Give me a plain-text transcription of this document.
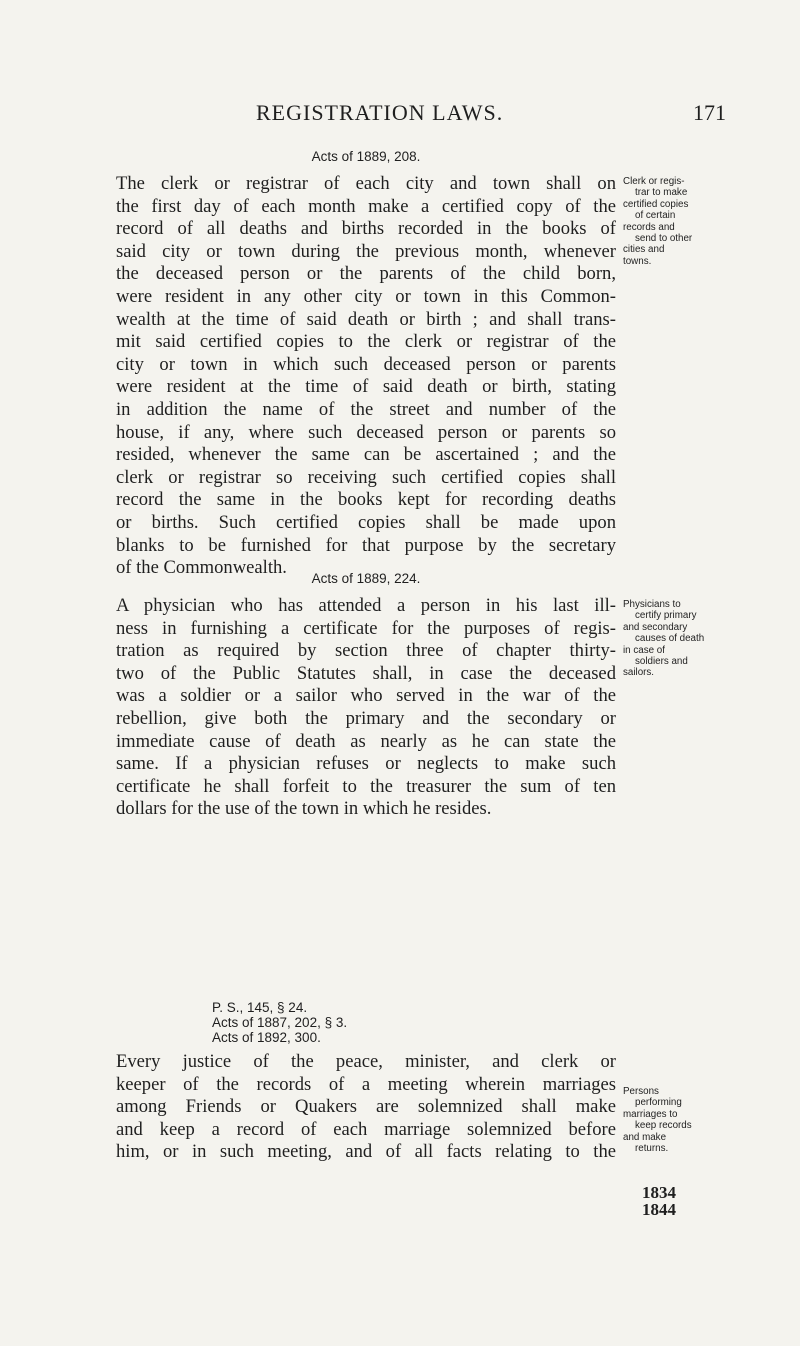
REGISTRATION LAWS.	171
Acts of 1889, 208.
The clerk or registrar of each city and town shall on
the first day of each month make a certified copy of the
record of all deaths and births recorded in the books of
said city or town during the previous month, whenever
the deceased person or the parents of the child born,
were resident in any other city or town in this Common-
wealth at the time of said death or birth ; and shall trans-
mit said certified copies to the clerk or registrar of the
city or town in which such deceased person or parents
were resident at the time of said death or birth, stating
in addition the name of the street and number of the
house, if any, where such deceased person or parents so
resided, whenever the same can be ascertained ; and the
clerk or registrar so receiving such certified copies shall
record the same in the books kept for recording deaths
or births. Such certified copies shall be made upon
blanks to be furnished for that purpose by the secretary
of the Commonwealth.
Clerk or regis-
trar to make
certified copies
of certain
records and
send to other
cities and
towns.
Acts of 1889, 224.
A physician who has attended a person in his last ill-
ness in furnishing a certificate for the purposes of regis-
tration as required by section three of chapter thirty-
two of the Public Statutes shall, in case the deceased
was a soldier or a sailor who served in the war of the
rebellion, give both the primary and the secondary or
immediate cause of death as nearly as he can state the
same. If a physician refuses or neglects to make such
certificate he shall forfeit to the treasurer the sum of ten
dollars for the use of the town in which he resides.
Physicians to
certify primary
and secondary
causes of death
in case of
soldiers and
sailors.
P. S., 145, § 24.
Acts of 1887, 202, § 3.
Acts of 1892, 300.
Every justice of the peace, minister, and clerk or
keeper of the records of a meeting wherein marriages
among Friends or Quakers are solemnized shall make
and keep a record of each marriage solemnized before
him, or in such meeting, and of all facts relating to the
Persons
performing
marriages to
keep records
and make
returns.
1834
1844
